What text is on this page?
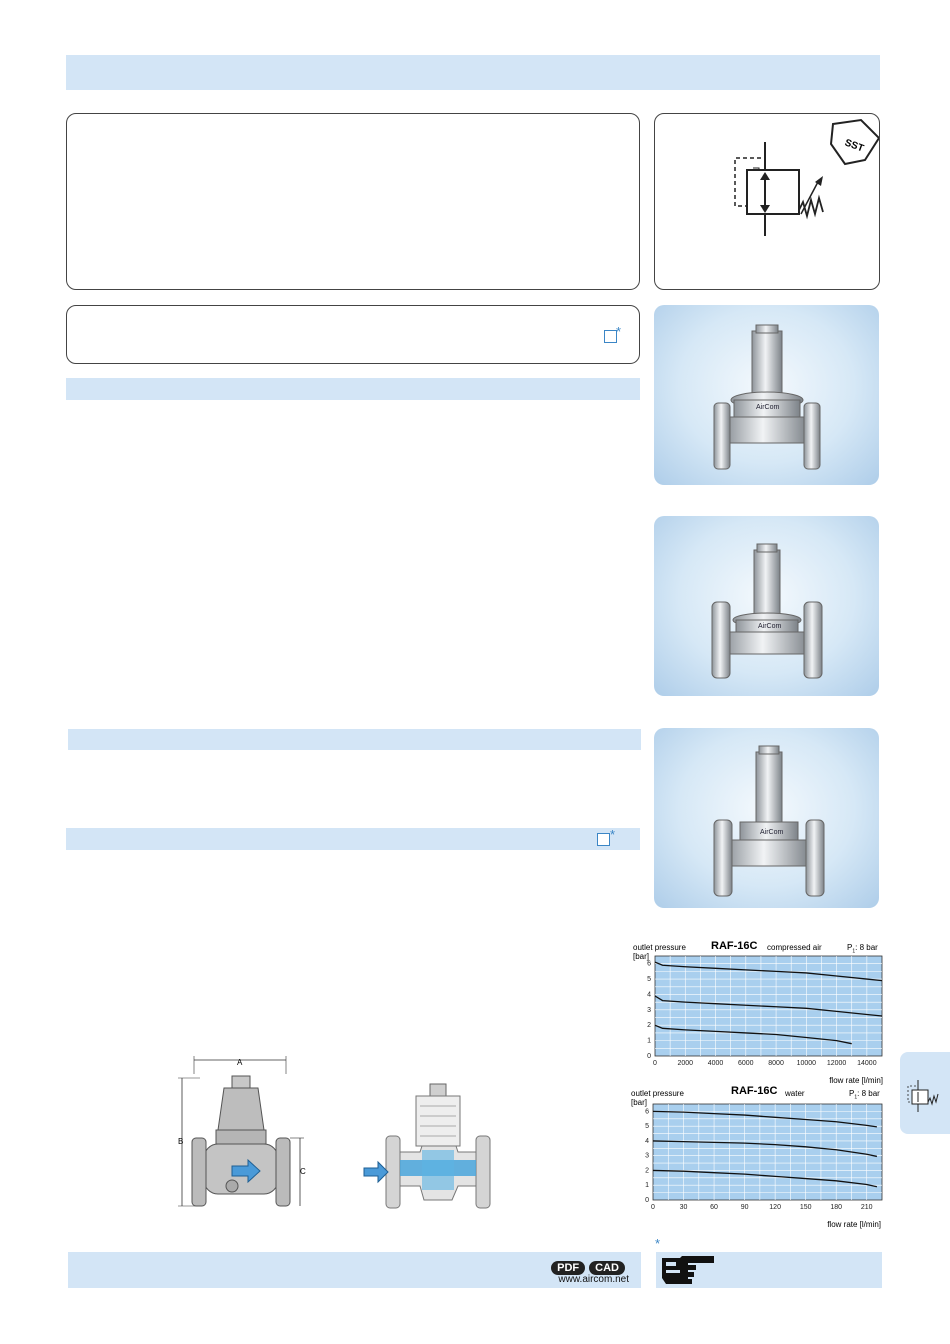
SST
*
*
AirCom
AirCom
AirCom
A
B
C
outlet pressure
[bar]
RAF-16C compressed air	$P_1$: 8 bar
0
1
2
3
4
5
6
0	2000 4000 6000 8000 10000 12000 14000
flow rate [l/min]
outlet pressure
[bar]
RAF-16C water	$P_1$: 8 bar
0
1
2
3
4
5
6
0	30	60	90	120	150	180	210
flow rate [l/min]
*
PDF CAD
www.aircom.net
